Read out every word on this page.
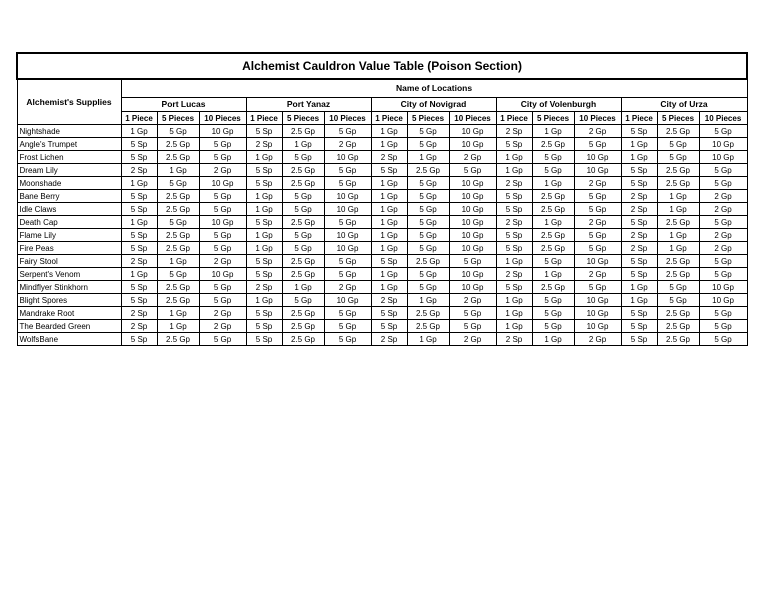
Alchemist Cauldron Value Table (Poison Section)															
Alchemist's Supplies	Name of Locations														
	Port Lucas			Port Yanaz			City of Novigrad			City of Volenburgh			City of Urza		
	1 Piece	5 Pieces	10 Pieces	1 Piece	5 Pieces	10 Pieces	1 Piece	5 Pieces	10 Pieces	1 Piece	5 Pieces	10 Pieces	1 Piece	5 Pieces	10 Pieces
Nightshade	1 Gp	5 Gp	10 Gp	5 Sp	2.5 Gp	5 Gp	1 Gp	5 Gp	10 Gp	2 Sp	1 Gp	2 Gp	5 Sp	2.5 Gp	5 Gp
Angle's Trumpet	5 Sp	2.5 Gp	5 Gp	2 Sp	1 Gp	2 Gp	1 Gp	5 Gp	10 Gp	5 Sp	2.5 Gp	5 Gp	1 Gp	5 Gp	10 Gp
Frost Lichen	5 Sp	2.5 Gp	5 Gp	1 Gp	5 Gp	10 Gp	2 Sp	1 Gp	2 Gp	1 Gp	5 Gp	10 Gp	1 Gp	5 Gp	10 Gp
Dream Lily	2 Sp	1 Gp	2 Gp	5 Sp	2.5 Gp	5 Gp	5 Sp	2.5 Gp	5 Gp	1 Gp	5 Gp	10 Gp	5 Sp	2.5 Gp	5 Gp
Moonshade	1 Gp	5 Gp	10 Gp	5 Sp	2.5 Gp	5 Gp	1 Gp	5 Gp	10 Gp	2 Sp	1 Gp	2 Gp	5 Sp	2.5 Gp	5 Gp
Bane Berry	5 Sp	2.5 Gp	5 Gp	1 Gp	5 Gp	10 Gp	1 Gp	5 Gp	10 Gp	5 Sp	2.5 Gp	5 Gp	2 Sp	1 Gp	2 Gp
Idle Claws	5 Sp	2.5 Gp	5 Gp	1 Gp	5 Gp	10 Gp	1 Gp	5 Gp	10 Gp	5 Sp	2.5 Gp	5 Gp	2 Sp	1 Gp	2 Gp
Death Cap	1 Gp	5 Gp	10 Gp	5 Sp	2.5 Gp	5 Gp	1 Gp	5 Gp	10 Gp	2 Sp	1 Gp	2 Gp	5 Sp	2.5 Gp	5 Gp
Flame Lily	5 Sp	2.5 Gp	5 Gp	1 Gp	5 Gp	10 Gp	1 Gp	5 Gp	10 Gp	5 Sp	2.5 Gp	5 Gp	2 Sp	1 Gp	2 Gp
Fire Peas	5 Sp	2.5 Gp	5 Gp	1 Gp	5 Gp	10 Gp	1 Gp	5 Gp	10 Gp	5 Sp	2.5 Gp	5 Gp	2 Sp	1 Gp	2 Gp
Fairy Stool	2 Sp	1 Gp	2 Gp	5 Sp	2.5 Gp	5 Gp	5 Sp	2.5 Gp	5 Gp	1 Gp	5 Gp	10 Gp	5 Sp	2.5 Gp	5 Gp
Serpent's Venom	1 Gp	5 Gp	10 Gp	5 Sp	2.5 Gp	5 Gp	1 Gp	5 Gp	10 Gp	2 Sp	1 Gp	2 Gp	5 Sp	2.5 Gp	5 Gp
Mindflyer Stinkhorn	5 Sp	2.5 Gp	5 Gp	2 Sp	1 Gp	2 Gp	1 Gp	5 Gp	10 Gp	5 Sp	2.5 Gp	5 Gp	1 Gp	5 Gp	10 Gp
Blight Spores	5 Sp	2.5 Gp	5 Gp	1 Gp	5 Gp	10 Gp	2 Sp	1 Gp	2 Gp	1 Gp	5 Gp	10 Gp	1 Gp	5 Gp	10 Gp
Mandrake Root	2 Sp	1 Gp	2 Gp	5 Sp	2.5 Gp	5 Gp	5 Sp	2.5 Gp	5 Gp	1 Gp	5 Gp	10 Gp	5 Sp	2.5 Gp	5 Gp
The Bearded Green	2 Sp	1 Gp	2 Gp	5 Sp	2.5 Gp	5 Gp	5 Sp	2.5 Gp	5 Gp	1 Gp	5 Gp	10 Gp	5 Sp	2.5 Gp	5 Gp
WolfsBane	5 Sp	2.5 Gp	5 Gp	5 Sp	2.5 Gp	5 Gp	2 Sp	1 Gp	2 Gp	2 Sp	1 Gp	2 Gp	5 Sp	2.5 Gp	5 Gp
